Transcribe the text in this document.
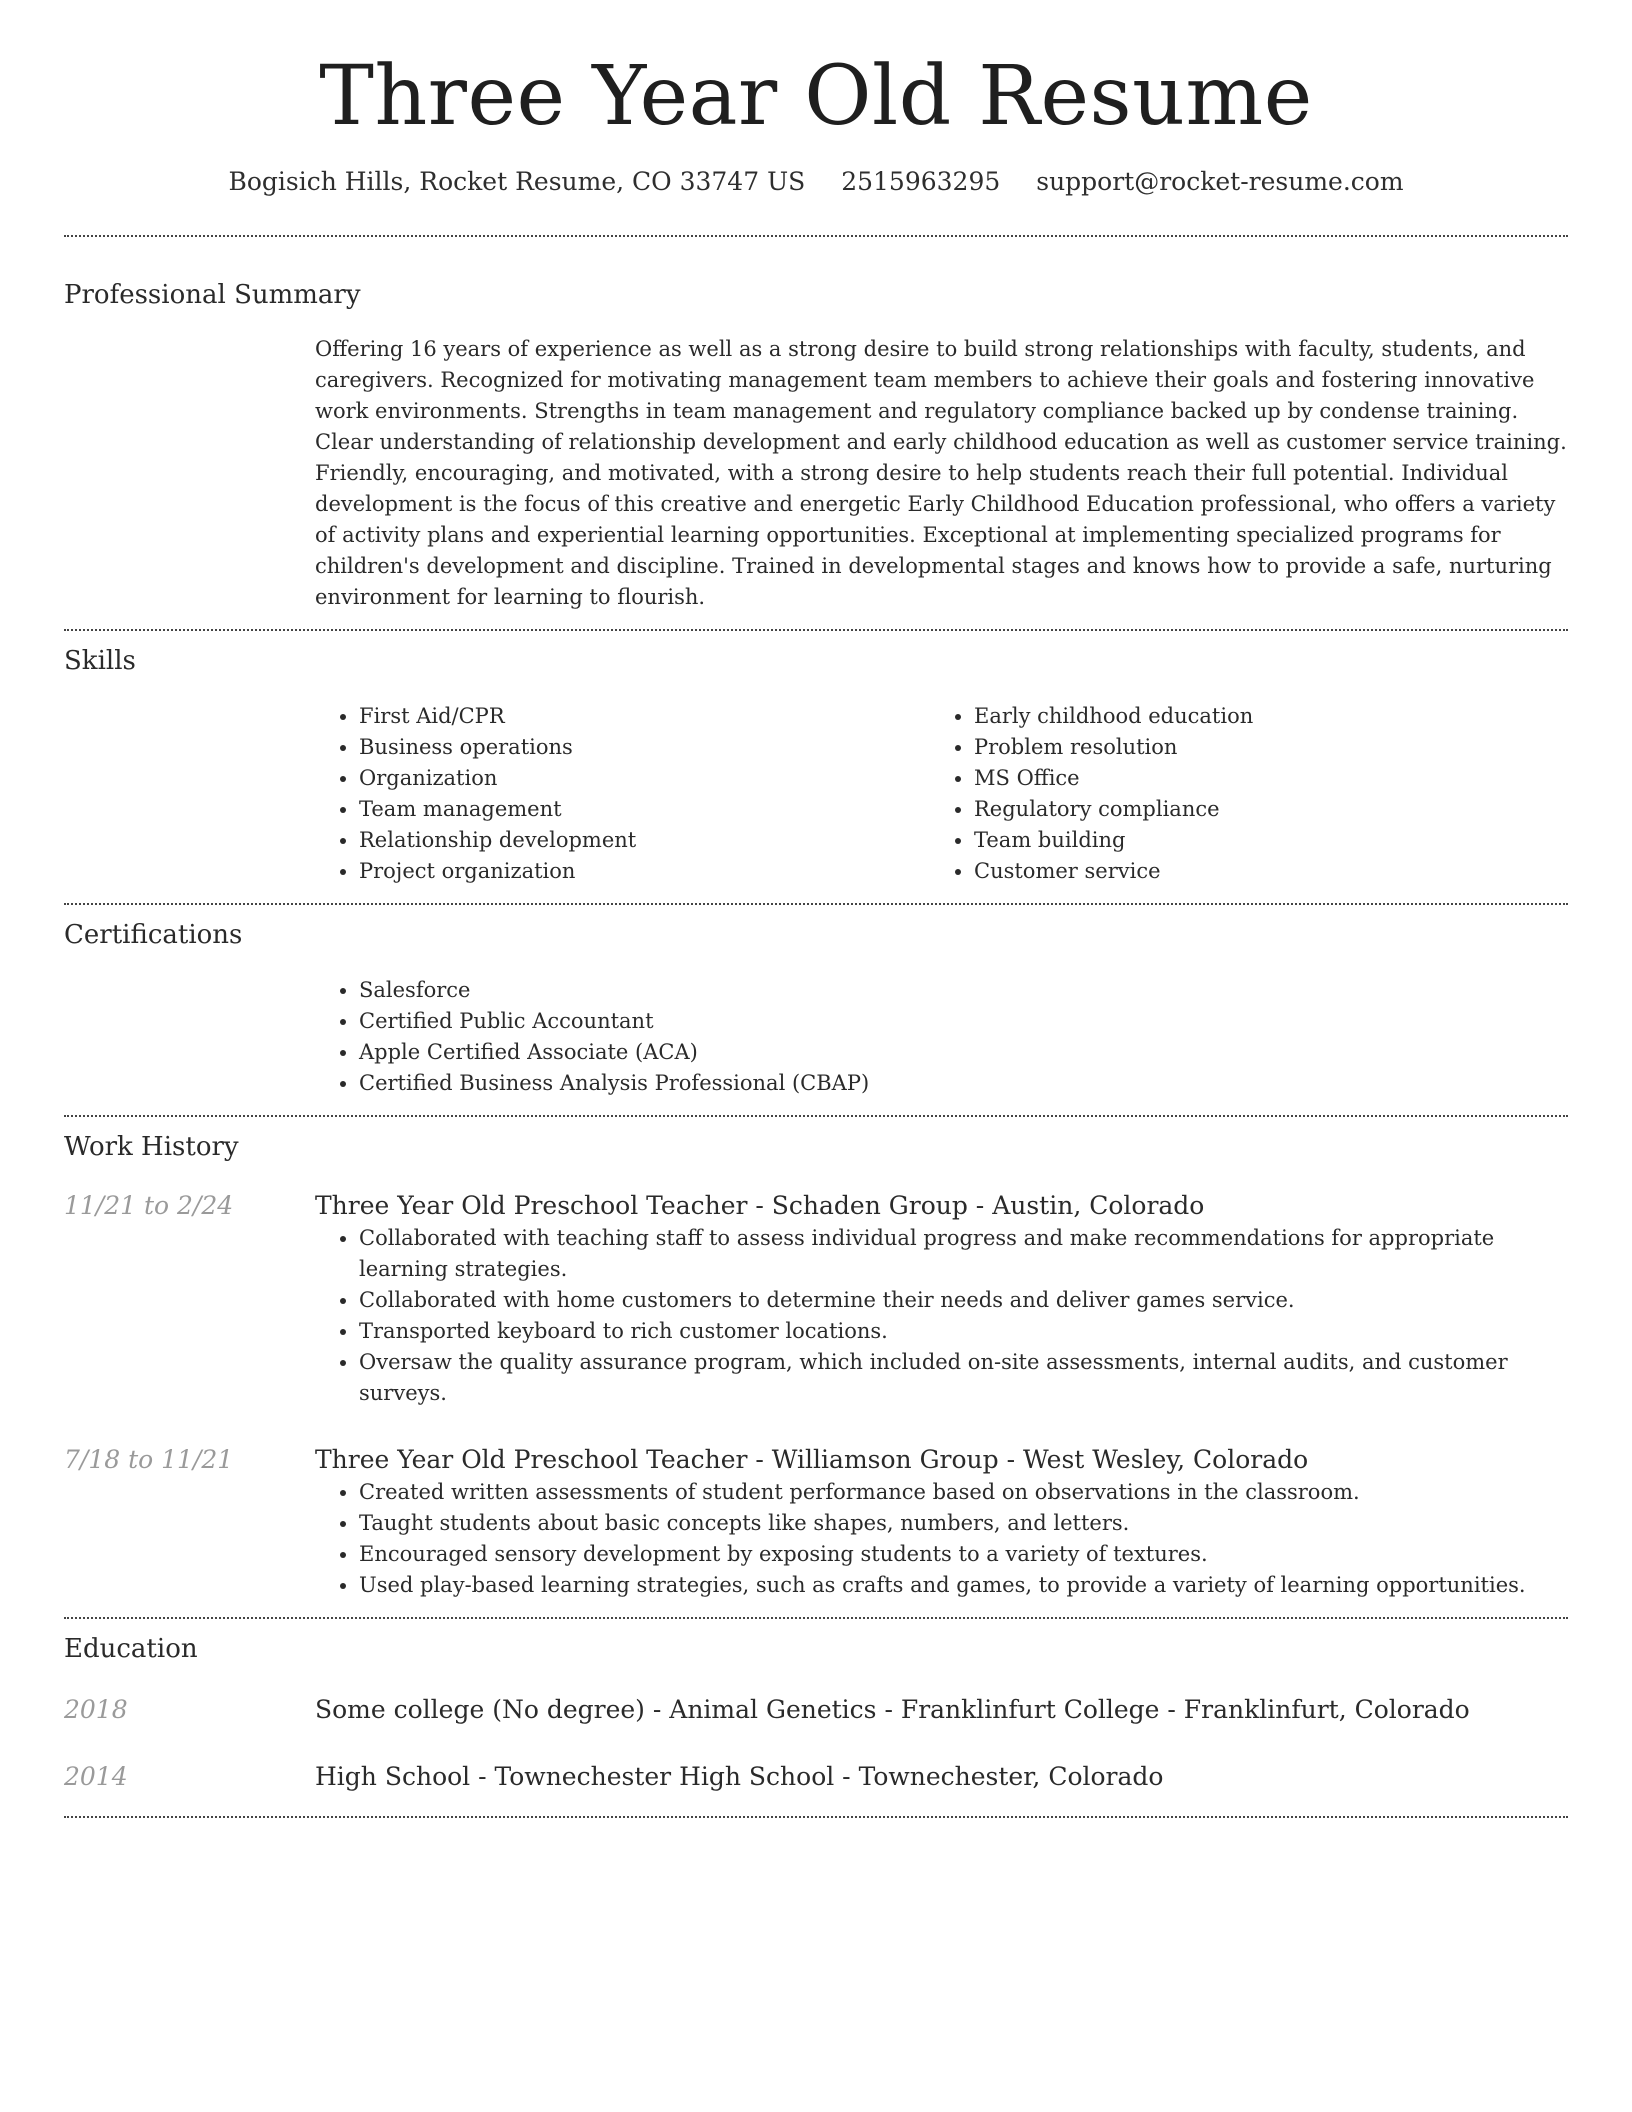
Three Year Old Resume
Bogisich Hills, Rocket Resume, CO 33747 US 2515963295 support@rocket-resume.com
Professional Summary
Offering 16 years of experience as well as a strong desire to build strong relationships with faculty, students, and caregivers. Recognized for motivating management team members to achieve their goals and fostering innovative work environments. Strengths in team management and regulatory compliance backed up by condense training. Clear understanding of relationship development and early childhood education as well as customer service training. Friendly, encouraging, and motivated, with a strong desire to help students reach their full potential. Individual development is the focus of this creative and energetic Early Childhood Education professional, who offers a variety of activity plans and experiential learning opportunities. Exceptional at implementing specialized programs for children's development and discipline. Trained in developmental stages and knows how to provide a safe, nurturing environment for learning to flourish.
Skills
• First Aid/CPR
• Business operations
• Organization
• Team management
• Relationship development
• Project organization
• Early childhood education
• Problem resolution
• MS Office
• Regulatory compliance
• Team building
• Customer service
Certifications
• Salesforce
• Certified Public Accountant
• Apple Certified Associate (ACA)
• Certified Business Analysis Professional (CBAP)
Work History
11/21 to 2/24	Three Year Old Preschool Teacher - Schaden Group - Austin, Colorado
• Collaborated with teaching staff to assess individual progress and make recommendations for appropriate learning strategies.
• Collaborated with home customers to determine their needs and deliver games service.
• Transported keyboard to rich customer locations.
• Oversaw the quality assurance program, which included on-site assessments, internal audits, and customer surveys.
7/18 to 11/21	Three Year Old Preschool Teacher - Williamson Group - West Wesley, Colorado
• Created written assessments of student performance based on observations in the classroom.
• Taught students about basic concepts like shapes, numbers, and letters.
• Encouraged sensory development by exposing students to a variety of textures.
• Used play-based learning strategies, such as crafts and games, to provide a variety of learning opportunities.
Education
2018	Some college (No degree) - Animal Genetics - Franklinfurt College - Franklinfurt, Colorado
2014	High School - Townechester High School - Townechester, Colorado
